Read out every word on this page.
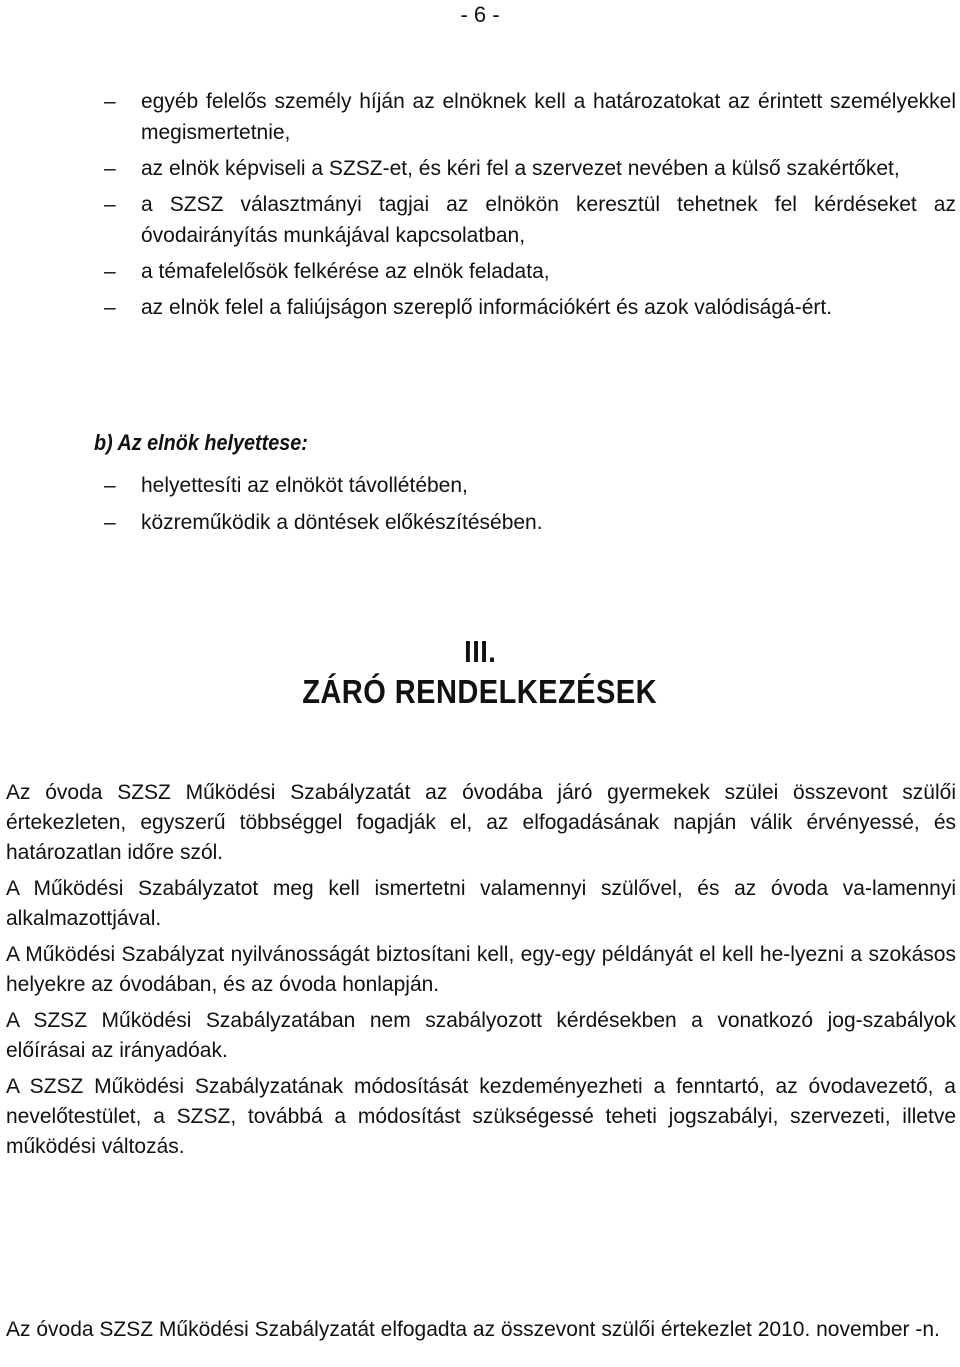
- 6 -
–	egyéb felelős személy híján az elnöknek kell a határozatokat az érintett személyekkel megismertetnie,
–	az elnök képviseli a SZSZ-et, és kéri fel a szervezet nevében a külső szakértőket,
–	a SZSZ választmányi tagjai az elnökön keresztül tehetnek fel kérdéseket az óvodairányítás munkájával kapcsolatban,
–	a témafelelősök felkérése az elnök feladata,
–	az elnök felel a faliújságon szereplő információkért és azok valódiságá-ért.
b) Az elnök helyettese:
–	helyettesíti az elnököt távollétében,
–	közreműködik a döntések előkészítésében.
III.
ZÁRÓ RENDELKEZÉSEK

Az óvoda SZSZ Működési Szabályzatát az óvodába járó gyermekek szülei összevont szülői értekezleten, egyszerű többséggel fogadják el, az elfogadásának napján válik érvényessé, és határozatlan időre szól.

A Működési Szabályzatot meg kell ismertetni valamennyi szülővel, és az óvoda va-lamennyi alkalmazottjával.

A Működési Szabályzat nyilvánosságát biztosítani kell, egy-egy példányát el kell he-lyezni a szokásos helyekre az óvodában, és az óvoda honlapján.

A SZSZ Működési Szabályzatában nem szabályozott kérdésekben a vonatkozó jog-szabályok előírásai az irányadóak.

A SZSZ Működési Szabályzatának módosítását kezdeményezheti a fenntartó, az óvodavezető, a nevelőtestület, a SZSZ, továbbá a módosítást szükségessé teheti jogszabályi, szervezeti, illetve működési változás.

Az óvoda SZSZ Működési Szabályzatát elfogadta az összevont szülői értekezlet 2010. november -n.
